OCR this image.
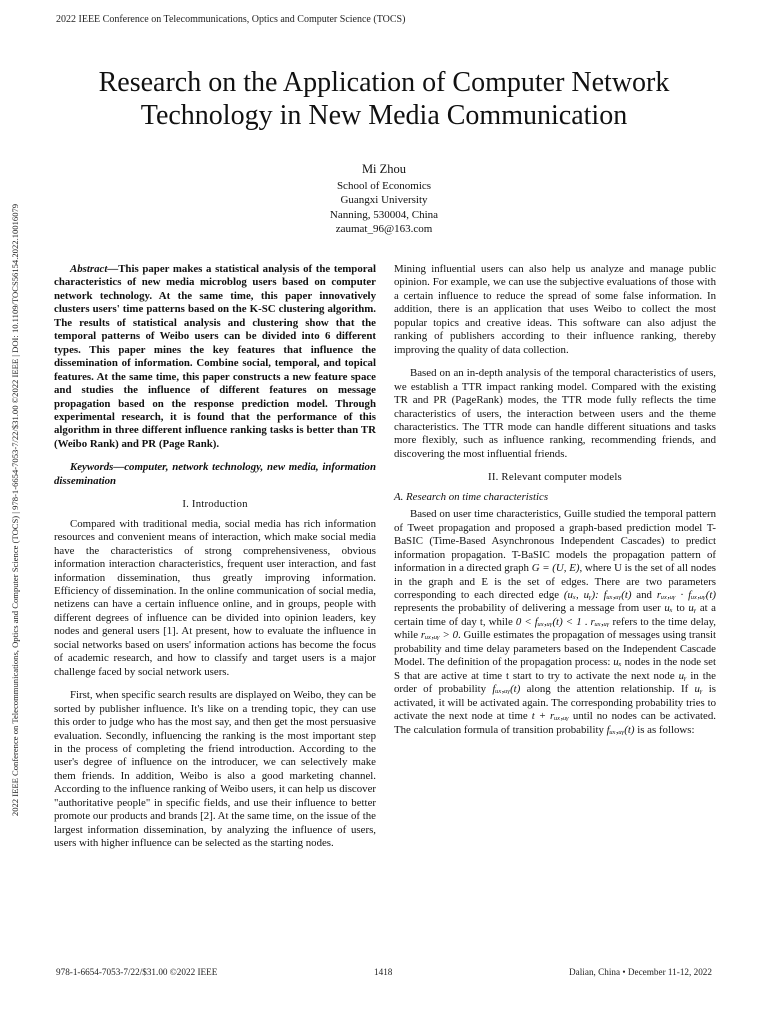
2022 IEEE Conference on Telecommunications, Optics and Computer Science (TOCS)
2022 IEEE Conference on Telecommunications, Optics and Computer Science (TOCS) | 978-1-6654-7053-7/22/$31.00 ©2022 IEEE | DOI: 10.1109/TOCS56154.2022.10016079
Research on the Application of Computer Network
Technology in New Media Communication
Mi Zhou
School of Economics
Guangxi University
Nanning, 530004, China
zaumat_96@163.com

Abstract—This paper makes a statistical analysis of the temporal characteristics of new media microblog users based on computer network technology. At the same time, this paper innovatively clusters users' time patterns based on the K-SC clustering algorithm. The results of statistical analysis and clustering show that the temporal patterns of Weibo users can be divided into 6 different types. This paper mines the key features that influence the dissemination of information. Combine social, temporal, and topical features. At the same time, this paper constructs a new feature space and studies the influence of different features on message propagation based on the response prediction model. Through experimental research, it is found that the performance of this algorithm in three different influence ranking tasks is better than TR (Weibo Rank) and PR (Page Rank).

Keywords—computer, network technology, new media, information dissemination

I. Introduction

Compared with traditional media, social media has rich information resources and convenient means of interaction, which make social media have the characteristics of strong comprehensiveness, obvious information interaction characteristics, frequent user interaction, and fast information dissemination, thus greatly improving information. Efficiency of dissemination. In the online communication of social media, netizens can have a certain influence online, and in groups, people with different degrees of influence can be divided into opinion leaders, key nodes and general users [1]. At present, how to evaluate the influence in social networks based on users' information actions has become the focus of academic research, and how to classify and target users is a major challenge faced by social network users.

First, when specific search results are displayed on Weibo, they can be sorted by publisher influence. It's like on a trending topic, they can use this order to judge who has the most say, and then get the most persuasive evaluation. Secondly, influencing the ranking is the most important step in the process of completing the friend introduction. According to the user's degree of influence on the introducer, we can selectively make them friends. In addition, Weibo is also a good marketing channel. According to the influence ranking of Weibo users, it can help us discover "authoritative people" in specific fields, and use their influence to better promote our products and brands [2]. At the same time, on the issue of the largest information dissemination, by analyzing the influence of users, users with higher influence can be selected as the starting nodes.

Mining influential users can also help us analyze and manage public opinion. For example, we can use the subjective evaluations of those with a certain influence to reduce the spread of some false information. In addition, there is an application that uses Weibo to collect the most popular topics and creative ideas. This software can also adjust the ranking of publishers according to their influence ranking, thereby improving the quality of data collection.

Based on an in-depth analysis of the temporal characteristics of users, we establish a TTR impact ranking model. Compared with the existing TR and PR (PageRank) modes, the TTR mode fully reflects the time characteristics of users, the interaction between users and the theme characteristics. The TTR mode can handle different situations and tasks more flexibly, such as influence ranking, recommending friends, and discovering the most influential friends.

II. Relevant computer models
A. Research on time characteristics

Based on user time characteristics, Guille studied the temporal pattern of Tweet propagation and proposed a graph-based prediction model T-BaSIC (Time-Based Asynchronous Independent Cascades) to predict information propagation. T-BaSIC models the propagation pattern of information in a directed graph G = (U, E), where U is the set of all nodes in the graph and E is the set of edges. There are two parameters corresponding to each directed edge (uₓ, uᵧ): fᵤₓ,ᵤᵧ(t) and rᵤₓ,ᵤᵧ · fᵤₓ,ᵤᵧ(t) represents the probability of delivering a message from user uₓ to uᵧ at a certain time of day t, while 0 < fᵤₓ,ᵤᵧ(t) < 1 . rᵤₓ,ᵤᵧ refers to the time delay, while rᵤₓ,ᵤᵧ > 0. Guille estimates the propagation of messages using transit probability and time delay parameters based on the Independent Cascade Model. The definition of the propagation process: uₓ nodes in the node set S that are active at time t start to try to activate the next node uᵧ in the order of probability fᵤₓ,ᵤᵧ(t) along the attention relationship. If uᵧ is activated, it will be activated again. The corresponding probability tries to activate the next node at time t + rᵤₓ,ᵤᵧ until no nodes can be activated. The calculation formula of transition probability fᵤₓ,ᵤᵧ(t) is as follows:

978-1-6654-7053-7/22/$31.00 ©2022 IEEE	1418	Dalian, China • December 11-12, 2022
